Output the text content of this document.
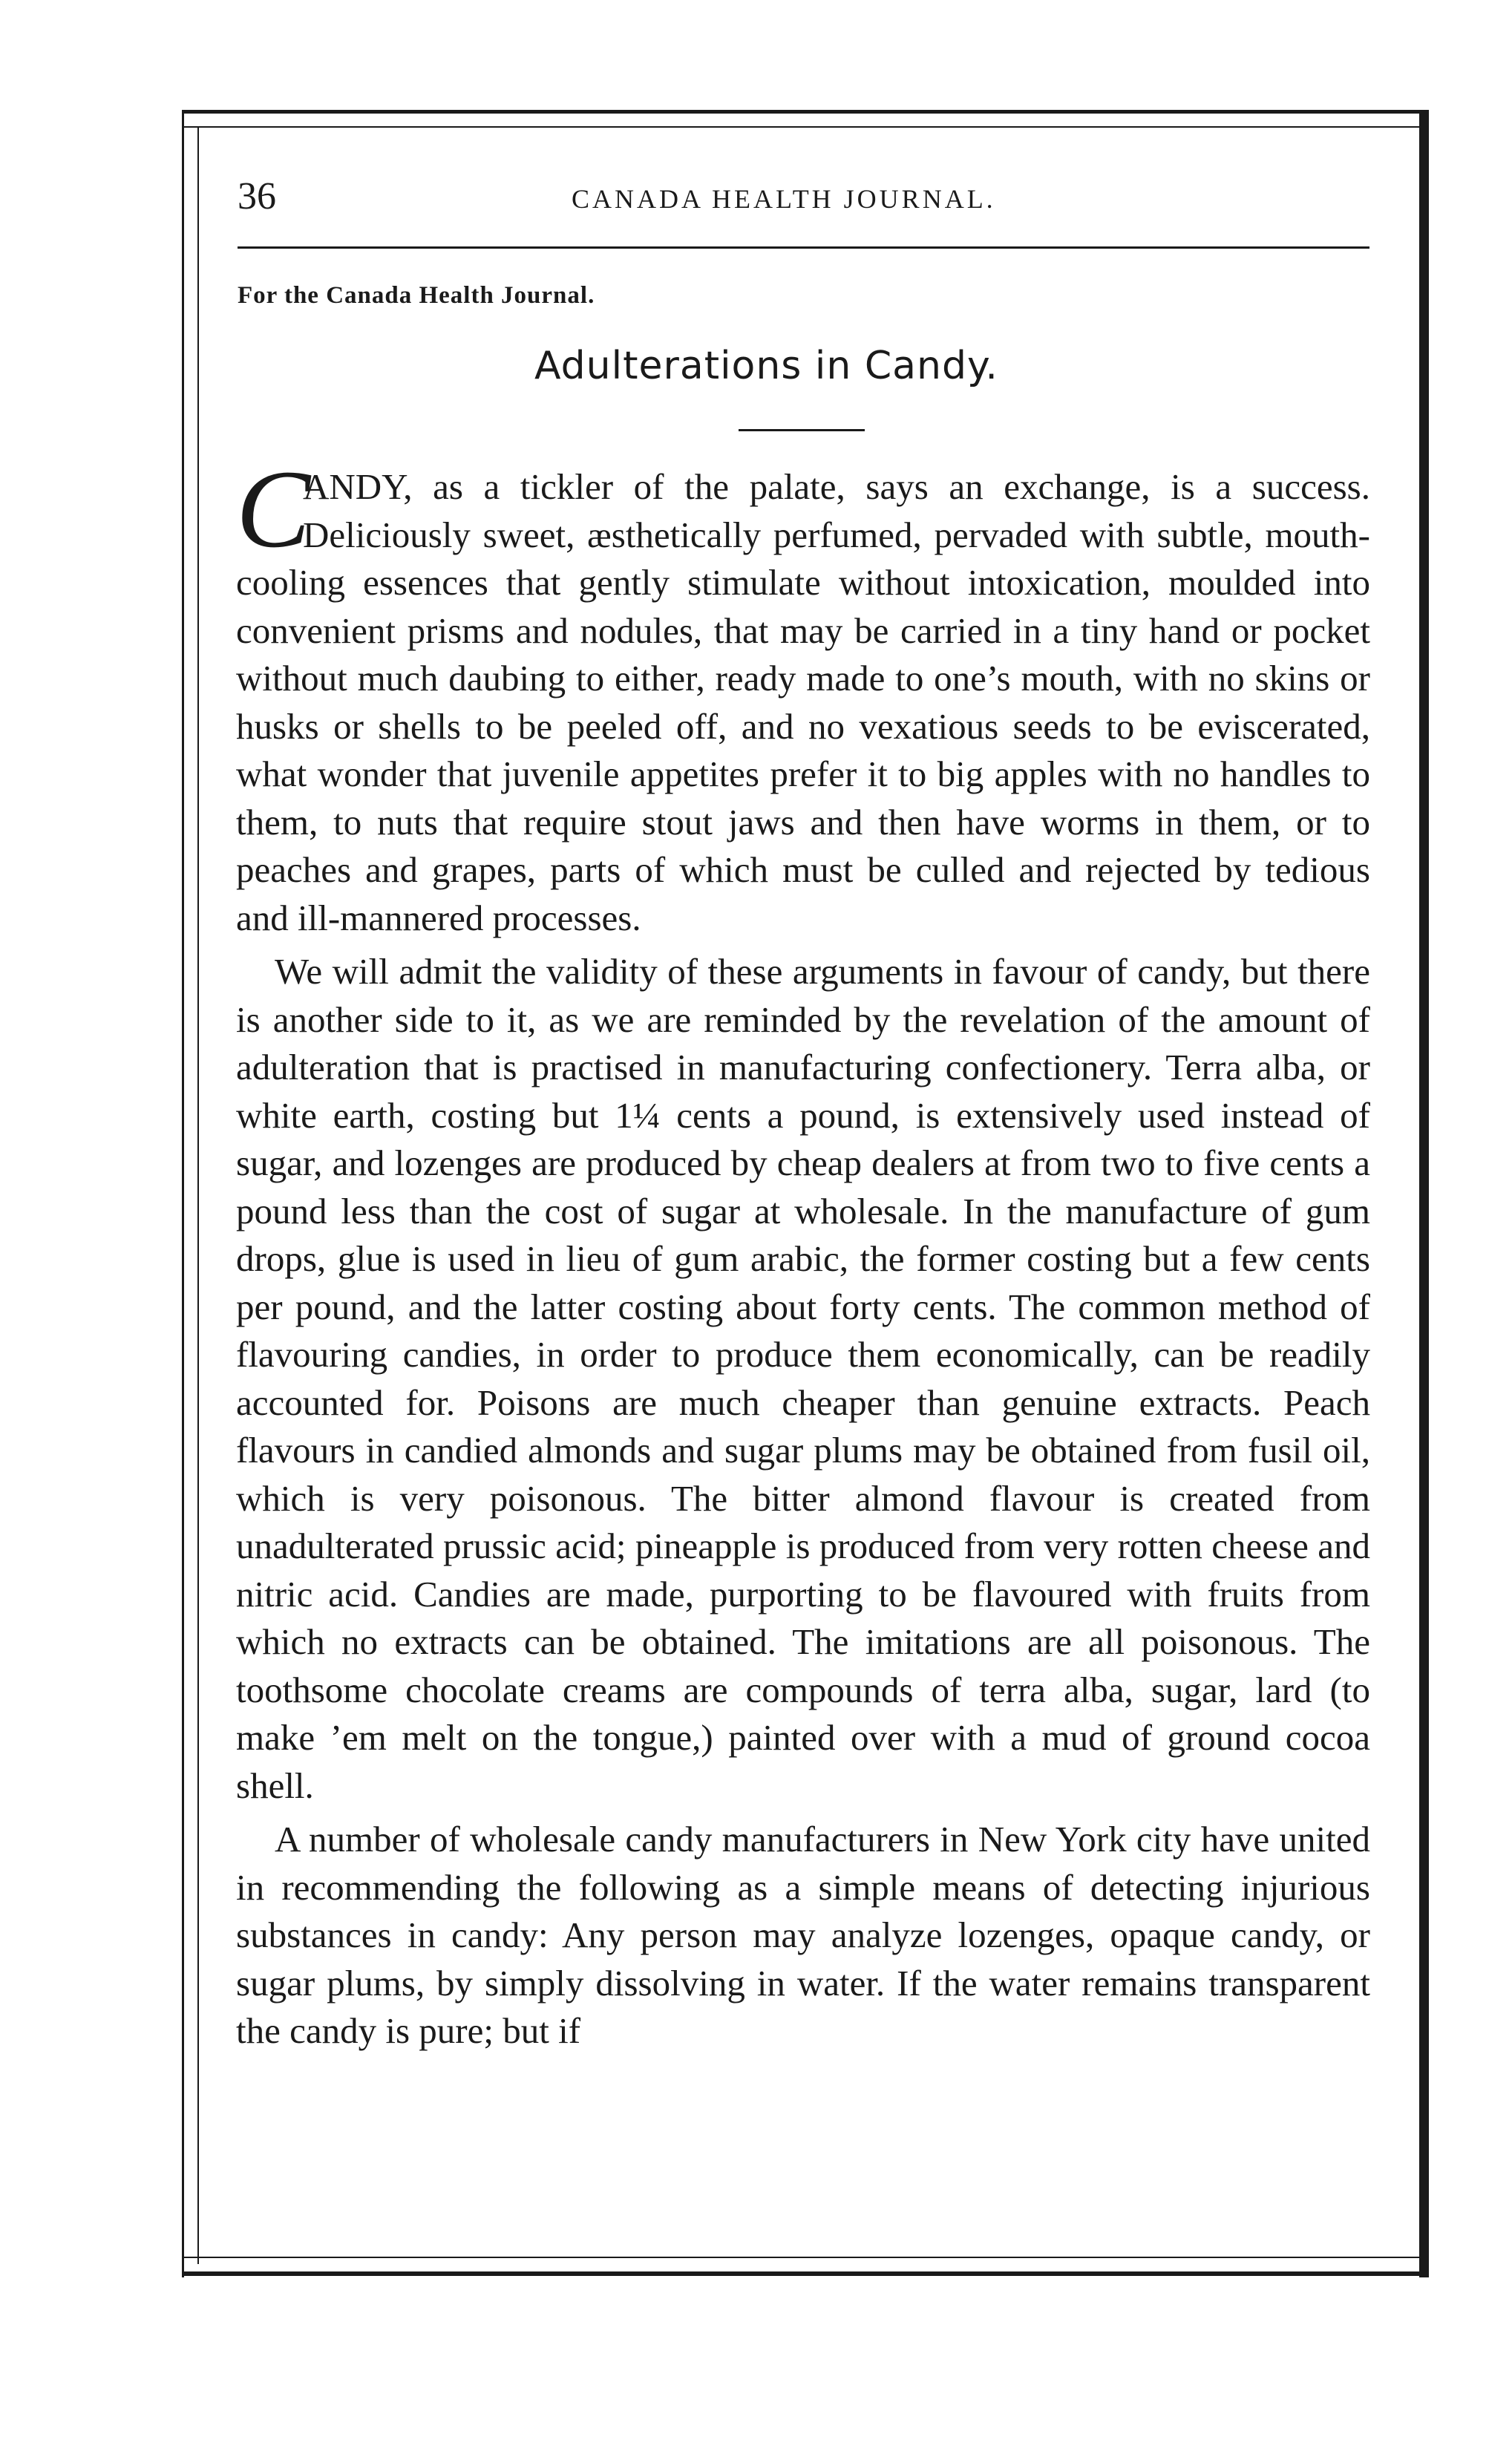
36	CANADA HEALTH JOURNAL.
For the Canada Health Journal.
Adulterations in Candy.

C
ANDY, as a tickler of the palate, says an exchange, is a success. Deliciously sweet, æsthetically perfumed, pervaded with subtle, mouth-cooling essences that gently stimulate without intoxication, moulded into convenient prisms and nodules, that may be carried in a tiny hand or pocket without much daubing to either, ready made to one’s mouth, with no skins or husks or shells to be peeled off, and no vexatious seeds to be eviscerated, what wonder that juvenile appetites prefer it to big apples with no handles to them, to nuts that require stout jaws and then have worms in them, or to peaches and grapes, parts of which must be culled and rejected by tedious and ill-mannered processes.

We will admit the validity of these arguments in favour of candy, but there is another side to it, as we are reminded by the revelation of the amount of adulteration that is practised in manufacturing confectionery. Terra alba, or white earth, costing but 1¼ cents a pound, is extensively used instead of sugar, and lozenges are produced by cheap dealers at from two to five cents a pound less than the cost of sugar at wholesale. In the manufacture of gum drops, glue is used in lieu of gum arabic, the former costing but a few cents per pound, and the latter costing about forty cents. The common method of flavouring candies, in order to produce them economically, can be readily accounted for. Poisons are much cheaper than genuine extracts. Peach flavours in candied almonds and sugar plums may be obtained from fusil oil, which is very poisonous. The bitter almond flavour is created from unadulterated prussic acid; pineapple is produced from very rotten cheese and nitric acid. Candies are made, purporting to be flavoured with fruits from which no extracts can be obtained. The imitations are all poisonous. The toothsome chocolate creams are compounds of terra alba, sugar, lard (to make ’em melt on the tongue,) painted over with a mud of ground cocoa shell.

A number of wholesale candy manufacturers in New York city have united in recommending the following as a simple means of detecting injurious substances in candy: Any person may analyze lozenges, opaque candy, or sugar plums, by simply dissolving in water. If the water remains transparent the candy is pure; but if
